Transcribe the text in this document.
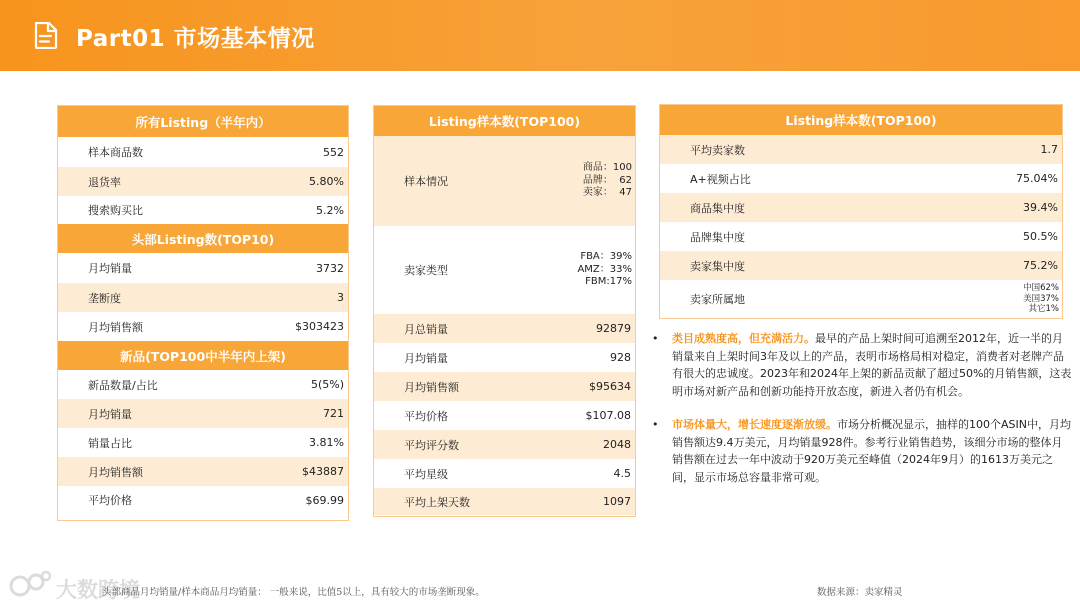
Part01 市场基本情况
所有Listing（半年内）
样本商品数	552
退货率	5.80%
搜索购买比	5.2%
头部Listing数(TOP10)
月均销量	3732
垄断度	3
月均销售额	$303423
新品(TOP100中半年内上架)
新品数量/占比	5(5%)
月均销量	721
销量占比	3.81%
月均销售额	$43887
平均价格	$69.99
Listing样本数(TOP100)
样本情况
商品：100
品牌：  62
卖家：  47
卖家类型
FBA：39%
AMZ：33%
FBM:17%
月总销量	92879
月均销量	928
月均销售额	$95634
平均价格	$107.08
平均评分数	2048
平均星级	4.5
平均上架天数	1097
Listing样本数(TOP100)
平均卖家数	1.7
A+视频占比	75.04%
商品集中度	39.4%
品牌集中度	50.5%
卖家集中度	75.2%
卖家所属地
中国62%
美国37%
其它1%
•	类目成熟度高，但充满活力。最早的产品上架时间可追溯至2012年，近一半的月销量来自上架时间3年及以上的产品，表明市场格局相对稳定，消费者对老牌产品有很大的忠诚度。2023年和2024年上架的新品贡献了超过50%的月销售额，这表明市场对新产品和创新功能持开放态度，新进入者仍有机会。

•	市场体量大，增长速度逐渐放缓。市场分析概况显示，抽样的100个ASIN中，月均销售额达9.4万美元，月均销量928件。参考行业销售趋势，该细分市场的整体月销售额在过去一年中波动于920万美元至峰值（2024年9月）的1613万美元之间，显示市场总容量非常可观。

大数跨境
头部商品月均销量/样本商品月均销量： 一般来说，比值5以上，具有较大的市场垄断现象。	数据来源：卖家精灵
